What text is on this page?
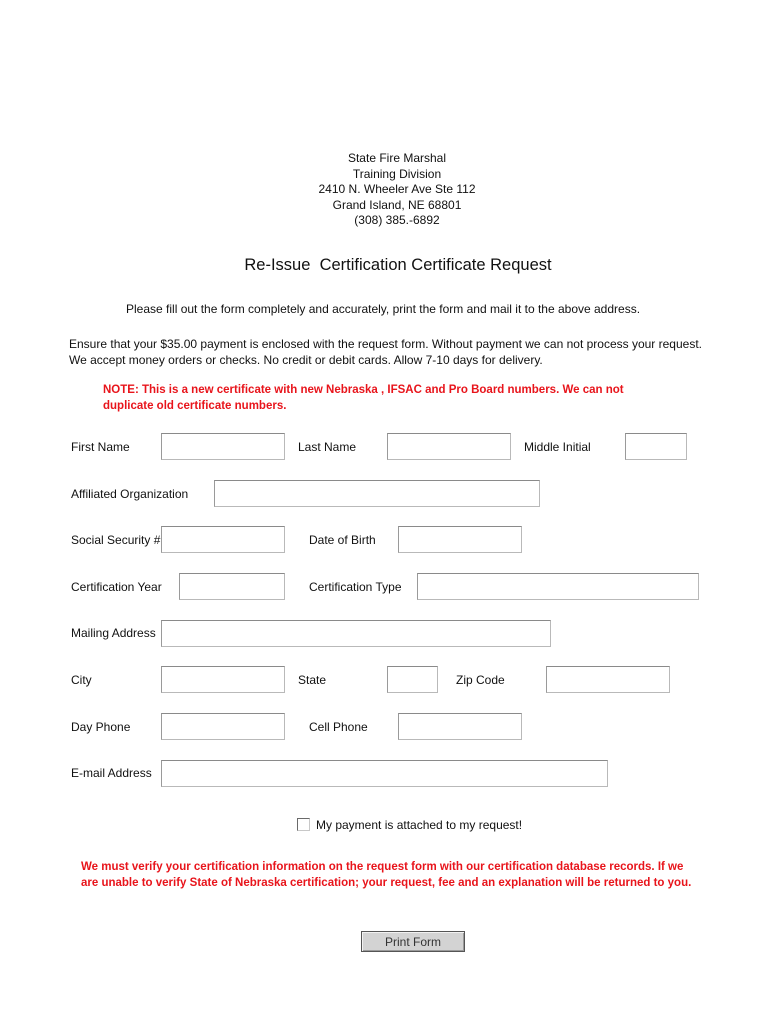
State Fire Marshal
Training Division
2410 N. Wheeler Ave Ste 112
Grand Island, NE 68801
(308) 385.-6892
Re-Issue  Certification Certificate Request
Please fill out the form completely and accurately, print the form and mail it to the above address.
Ensure that your $35.00 payment is enclosed with the request form. Without payment we can not process your request.
We accept money orders or checks. No credit or debit cards. Allow 7-10 days for delivery.
NOTE: This is a new certificate with new Nebraska , IFSAC and Pro Board numbers. We can not
duplicate old certificate numbers.
First Name	Last Name	Middle Initial
Affiliated Organization
Social Security #	Date of Birth
Certification Year	Certification Type
Mailing Address
City	State	Zip Code
Day Phone	Cell Phone
E-mail Address
My payment is attached to my request!
We must verify your certification information on the request form with our certification database records. If we
are unable to verify State of Nebraska certification; your request, fee and an explanation will be returned to you.
Print Form
